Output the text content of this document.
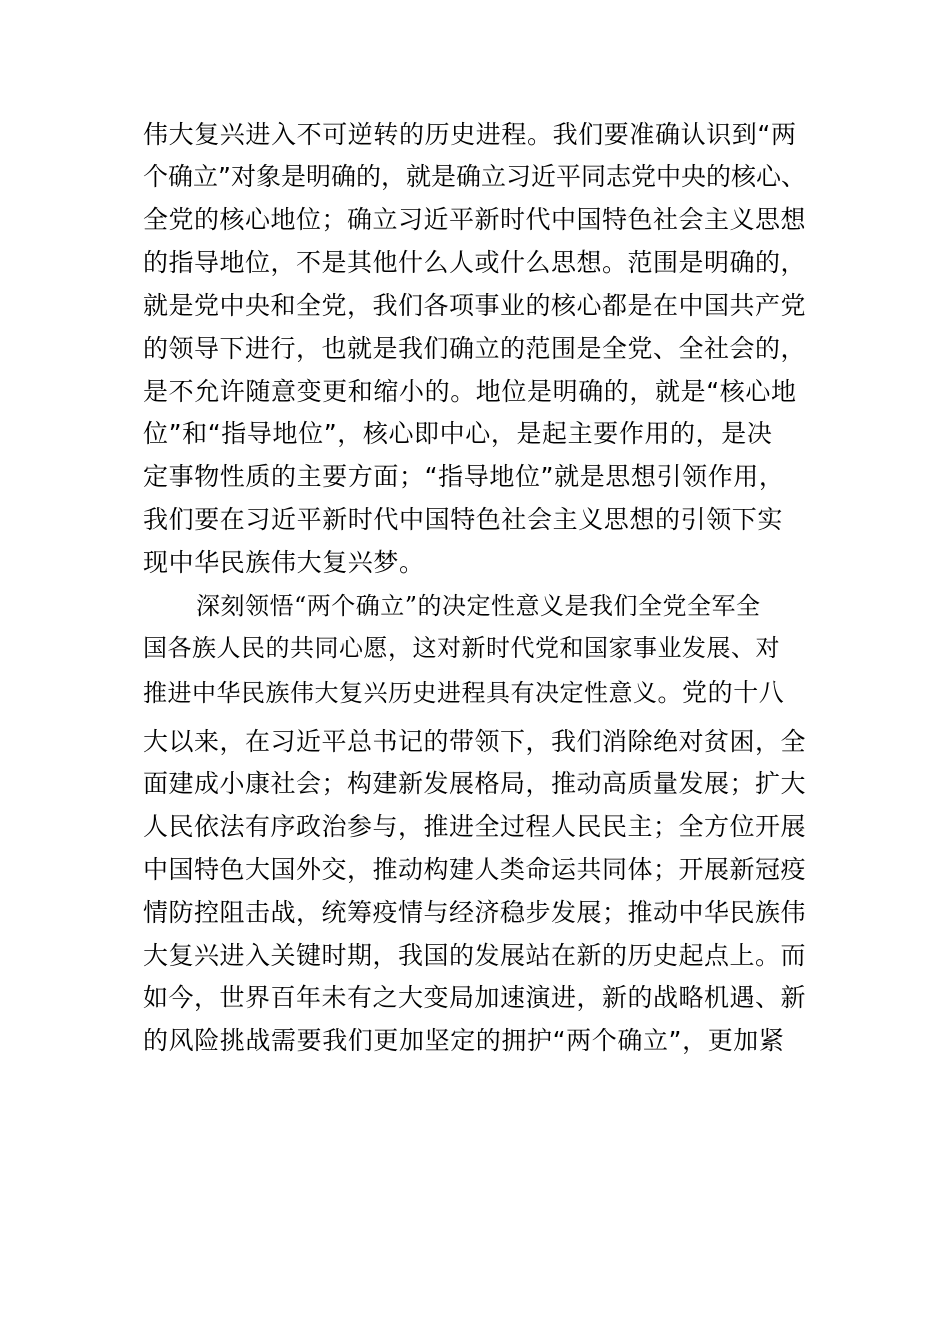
伟大复兴进入不可逆转的历史进程。我们要准确认识到“两
个确立”对象是明确的，就是确立习近平同志党中央的核心、
全党的核心地位；确立习近平新时代中国特色社会主义思想
的指导地位，不是其他什么人或什么思想。范围是明确的，
就是党中央和全党，我们各项事业的核心都是在中国共产党
的领导下进行，也就是我们确立的范围是全党、全社会的，
是不允许随意变更和缩小的。地位是明确的，就是“核心地
位”和“指导地位”，核心即中心，是起主要作用的，是决
定事物性质的主要方面；“指导地位”就是思想引领作用，
我们要在习近平新时代中国特色社会主义思想的引领下实
现中华民族伟大复兴梦。
深刻领悟“两个确立”的决定性意义是我们全党全军全
国各族人民的共同心愿，这对新时代党和国家事业发展、对
推进中华民族伟大复兴历史进程具有决定性意义。党的十八
大以来，在习近平总书记的带领下，我们消除绝对贫困，全
面建成小康社会；构建新发展格局，推动高质量发展；扩大
人民依法有序政治参与，推进全过程人民民主；全方位开展
中国特色大国外交，推动构建人类命运共同体；开展新冠疫
情防控阻击战，统筹疫情与经济稳步发展；推动中华民族伟
大复兴进入关键时期，我国的发展站在新的历史起点上。而
如今，世界百年未有之大变局加速演进，新的战略机遇、新
的风险挑战需要我们更加坚定的拥护“两个确立”，更加紧
